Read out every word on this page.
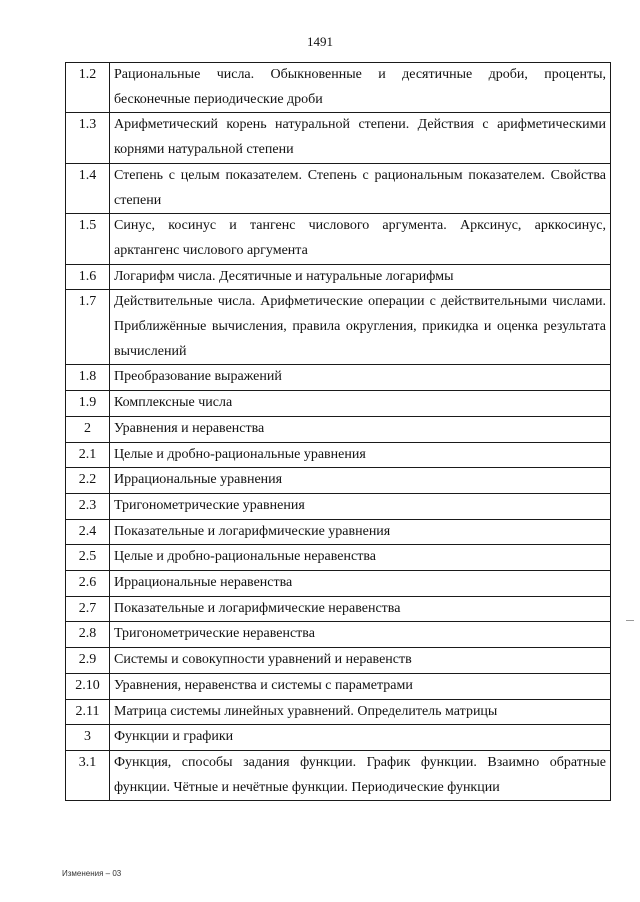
1491
1.2	Рациональные числа. Обыкновенные и десятичные дроби, проценты, бесконечные периодические дроби
1.3	Арифметический корень натуральной степени. Действия с арифметическими корнями натуральной степени
1.4	Степень с целым показателем. Степень с рациональным показателем. Свойства степени
1.5	Синус, косинус и тангенс числового аргумента. Арксинус, арккосинус, арктангенс числового аргумента
1.6	Логарифм числа. Десятичные и натуральные логарифмы
1.7	Действительные числа. Арифметические операции с действительными числами. Приближённые вычисления, правила округления, прикидка и оценка результата вычислений
1.8	Преобразование выражений
1.9	Комплексные числа
2	Уравнения и неравенства
2.1	Целые и дробно-рациональные уравнения
2.2	Иррациональные уравнения
2.3	Тригонометрические уравнения
2.4	Показательные и логарифмические уравнения
2.5	Целые и дробно-рациональные неравенства
2.6	Иррациональные неравенства
2.7	Показательные и логарифмические неравенства
2.8	Тригонометрические неравенства
2.9	Системы и совокупности уравнений и неравенств
2.10	Уравнения, неравенства и системы с параметрами
2.11	Матрица системы линейных уравнений. Определитель матрицы
3	Функции и графики
3.1	Функция, способы задания функции. График функции. Взаимно обратные функции. Чётные и нечётные функции. Периодические функции
Изменения – 03
